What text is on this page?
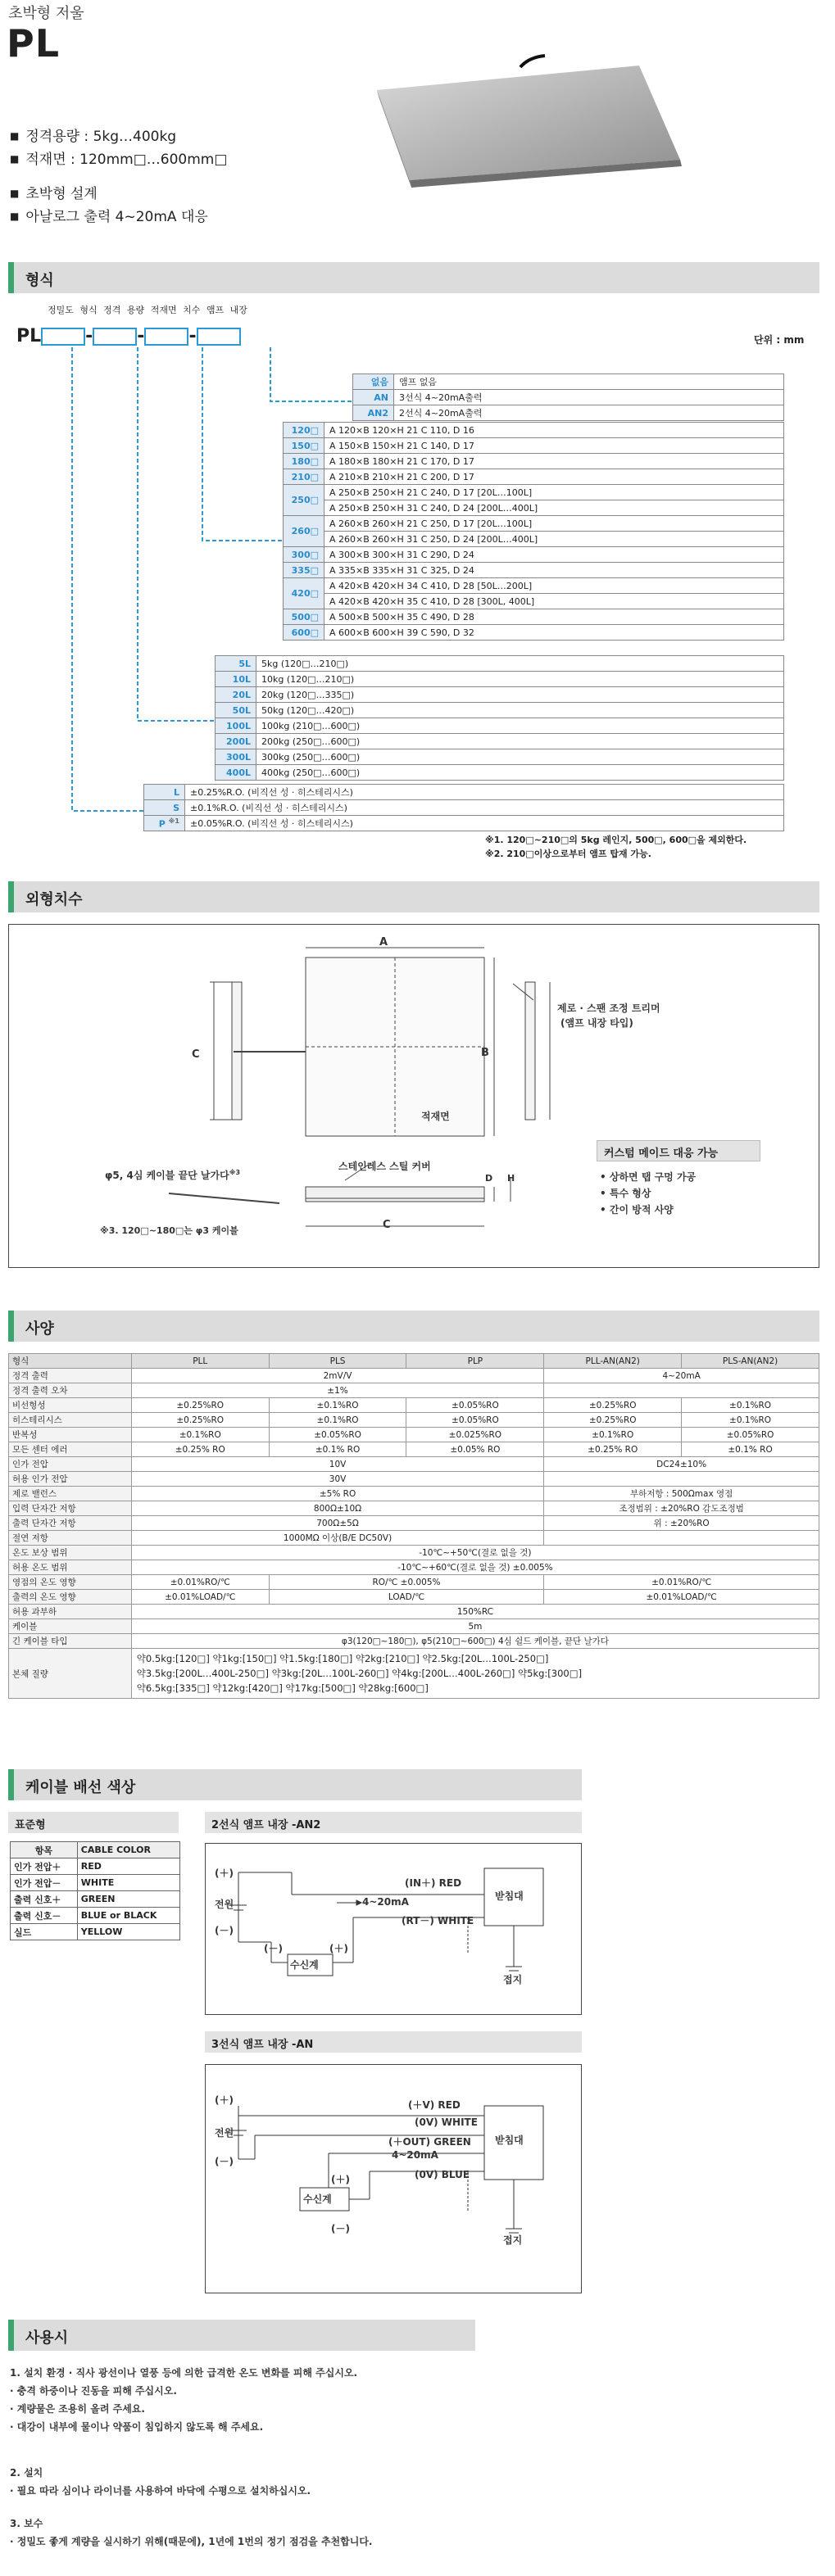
초박형 저울
PL
■ 정격용량 : 5kg…400kg
■ 적재면 : 120mm□…600mm□
■ 초박형 설계
■ 아날로그 출력 4~20mA 대응
형식
정밀도 형식 정격 용량 적재면 치수 앰프 내장
PL - - -	단위 : mm
없음	앰프 없음
AN	3선식 4~20mA출력
AN2	2선식 4~20mA출력
120□	A 120×B 120×H 21 C 110, D 16
150□	A 150×B 150×H 21 C 140, D 17
180□	A 180×B 180×H 21 C 170, D 17
210□	A 210×B 210×H 21 C 200, D 17
250□	A 250×B 250×H 21 C 240, D 17 [20L…100L]
	A 250×B 250×H 31 C 240, D 24 [200L…400L]
260□	A 260×B 260×H 21 C 250, D 17 [20L…100L]
	A 260×B 260×H 31 C 250, D 24 [200L…400L]
300□	A 300×B 300×H 31 C 290, D 24
335□	A 335×B 335×H 31 C 325, D 24
420□	A 420×B 420×H 34 C 410, D 28 [50L…200L]
	A 420×B 420×H 35 C 410, D 28 [300L, 400L]
500□	A 500×B 500×H 35 C 490, D 28
600□	A 600×B 600×H 39 C 590, D 32
5L	5kg (120□…210□)
10L	10kg (120□…210□)
20L	20kg (120□…335□)
50L	50kg (120□…420□)
100L	100kg (210□…600□)
200L	200kg (250□…600□)
300L	300kg (250□…600□)
400L	400kg (250□…600□)
L	±0.25%R.O. (비직선 성 · 히스테리시스)
S	±0.1%R.O. (비직선 성 · 히스테리시스)
P $^{※1}$	±0.05%R.O. (비직선 성 · 히스테리시스)
※1. 120□~210□의 5kg 레인지, 500□, 600□을 제외한다.
※2. 210□이상으로부터 앰프 탑재 가능.
외형치수
A
B
C
적재면
제로 · 스팬 조정 트리머
(앰프 내장 타입)
φ5, 4심 케이블 끝단 날가다$^{※3}$
스테인레스 스틸 커버
C
D H
※3. 120□~180□는 φ3 케이블
커스텀 메이드 대응 가능
• 상하면 탭 구멍 가공
• 특수 형상
• 간이 방적 사양
사양
형식	PLL	PLS	PLP	PLL-AN(AN2)	PLS-AN(AN2)
정격 출력	2mV/V			4~20mA	
정격 출력 오차	±1%				
비선형성	±0.25%RO	±0.1%RO	±0.05%RO	±0.25%RO	±0.1%RO
히스테리시스	±0.25%RO	±0.1%RO	±0.05%RO	±0.25%RO	±0.1%RO
반복성	±0.1%RO	±0.05%RO	±0.025%RO	±0.1%RO	±0.05%RO
모든 센터 에러	±0.25% RO	±0.1% RO	±0.05% RO	±0.25% RO	±0.1% RO
인가 전압	10V			DC24±10%	
허용 인가 전압	30V				
제로 밸런스	±5% RO			부하저항 : 500Ωmax 영점	
입력 단자간 저항	800Ω±10Ω			조정범위 : ±20%RO 감도조정범	
출력 단자간 저항	700Ω±5Ω			위 : ±20%RO	
절연 저항	1000MΩ 이상(B/E DC50V)				
온도 보상 범위	-10℃~+50℃(결로 없을 것)				
허용 온도 범위	-10℃~+60℃(결로 없을 것) ±0.005%				
영점의 온도 영향	±0.01%RO/℃	RO/℃ ±0.005%		±0.01%RO/℃	
출력의 온도 영향	±0.01%LOAD/℃	LOAD/℃		±0.01%LOAD/℃	
허용 과부하	150%RC				
케이블	5m				
긴 케이블 타입	φ3(120□~180□), φ5(210□~600□) 4심 쉴드 케이블, 끝단 날가다				
본체 질량	약0.5kg:[120□] 약1kg:[150□] 약1.5kg:[180□] 약2kg:[210□] 약2.5kg:[20L…100L-250□]
약3.5kg:[200L…400L-250□] 약3kg:[20L…100L-260□] 약4kg:[200L…400L-260□] 약5kg:[300□]
약6.5kg:[335□] 약12kg:[420□] 약17kg:[500□] 약28kg:[600□]				
케이블 배선 색상
표준형
항목	CABLE COLOR
인가 전압＋	RED
인가 전압－	WHITE
출력 신호＋	GREEN
출력 신호－	BLUE or BLACK
실드	YELLOW
2선식 앰프 내장 -AN2
(＋)
전원
(－)
(IN＋) RED
4~20mA
(RT－) WHITE
(－)	(＋)
수신계
받침대
접지
3선식 앰프 내장 -AN
(＋)
전원
(－)
(＋V) RED
(0V) WHITE
(＋OUT) GREEN
4~20mA
(0V) BLUE
(＋)
수신계
(－)
받침대
접지
사용시
1. 설치 환경 · 직사 광선이나 열풍 등에 의한 급격한 온도 변화를 피해 주십시오.
· 충격 하중이나 진동을 피해 주십시오.
· 계량물은 조용히 올려 주세요.
· 대강이 내부에 물이나 약품이 침입하지 않도록 해 주세요.
2. 설치
· 필요 따라 심이나 라이너를 사용하여 바닥에 수평으로 설치하십시오.
3. 보수
· 정밀도 좋게 계량을 실시하기 위해(때문에), 1년에 1번의 정기 점검을 추천합니다.
